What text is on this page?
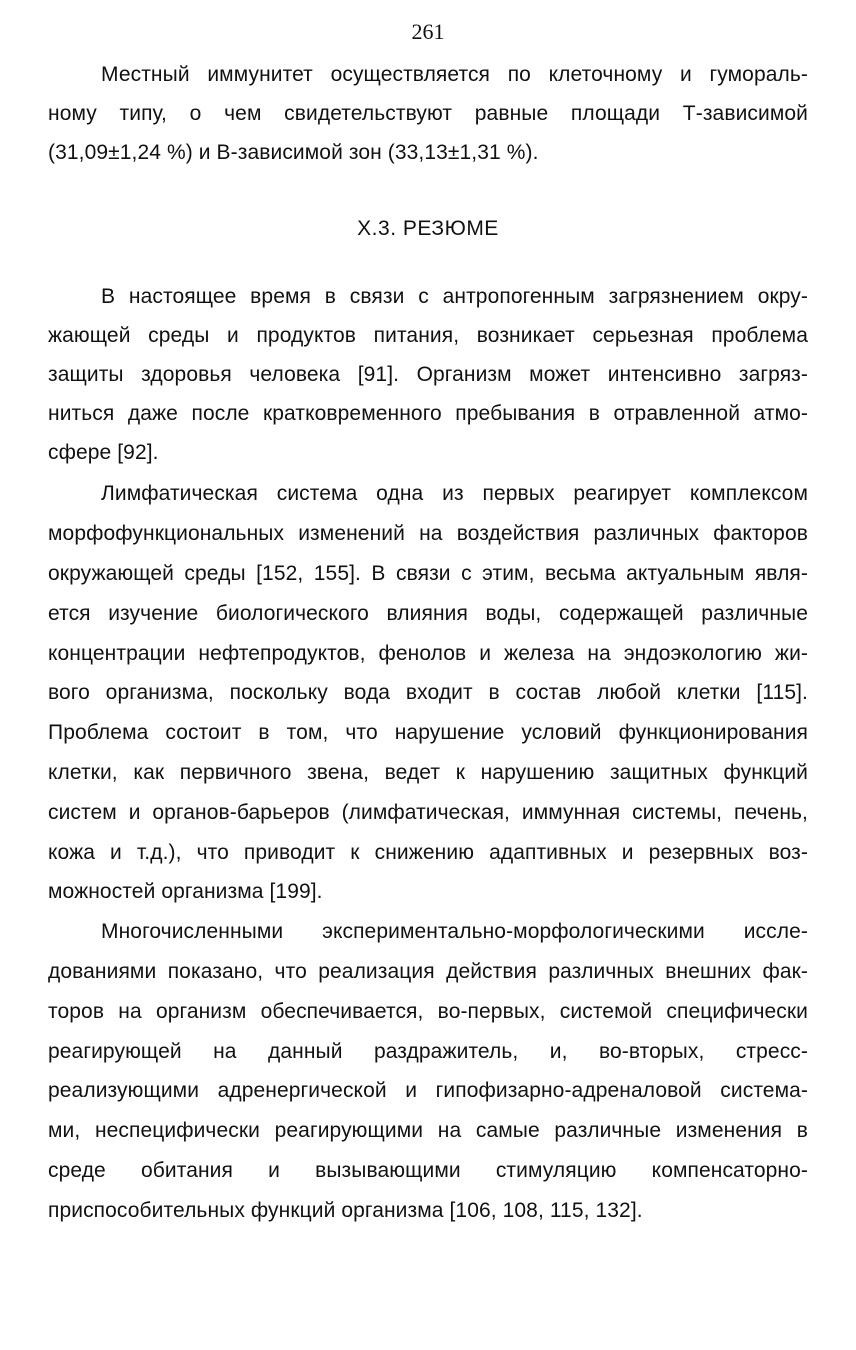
261
Местный иммунитет осуществляется по клеточному и гумораль-
ному типу, о чем свидетельствуют равные площади Т-зависимой
(31,09±1,24 %) и В-зависимой зон (33,13±1,31 %).
X.3. РЕЗЮМЕ
В настоящее время в связи с антропогенным загрязнением окру-
жающей среды и продуктов питания, возникает серьезная проблема
защиты здоровья человека [91]. Организм может интенсивно загряз-
ниться даже после кратковременного пребывания в отравленной атмо-
сфере [92].
Лимфатическая система одна из первых реагирует комплексом
морфофункциональных изменений на воздействия различных факторов
окружающей среды [152, 155]. В связи с этим, весьма актуальным явля-
ется изучение биологического влияния воды, содержащей различные
концентрации нефтепродуктов, фенолов и железа на эндоэкологию жи-
вого организма, поскольку вода входит в состав любой клетки [115].
Проблема состоит в том, что нарушение условий функционирования
клетки, как первичного звена, ведет к нарушению защитных функций
систем и органов-барьеров (лимфатическая, иммунная системы, печень,
кожа и т.д.), что приводит к снижению адаптивных и резервных воз-
можностей организма [199].
Многочисленными экспериментально-морфологическими иссле-
дованиями показано, что реализация действия различных внешних фак-
торов на организм обеспечивается, во-первых, системой специфически
реагирующей на данный раздражитель, и, во-вторых, стресс-
реализующими адренергической и гипофизарно-адреналовой система-
ми, неспецифически реагирующими на самые различные изменения в
среде обитания и вызывающими стимуляцию компенсаторно-
приспособительных функций организма [106, 108, 115, 132].
